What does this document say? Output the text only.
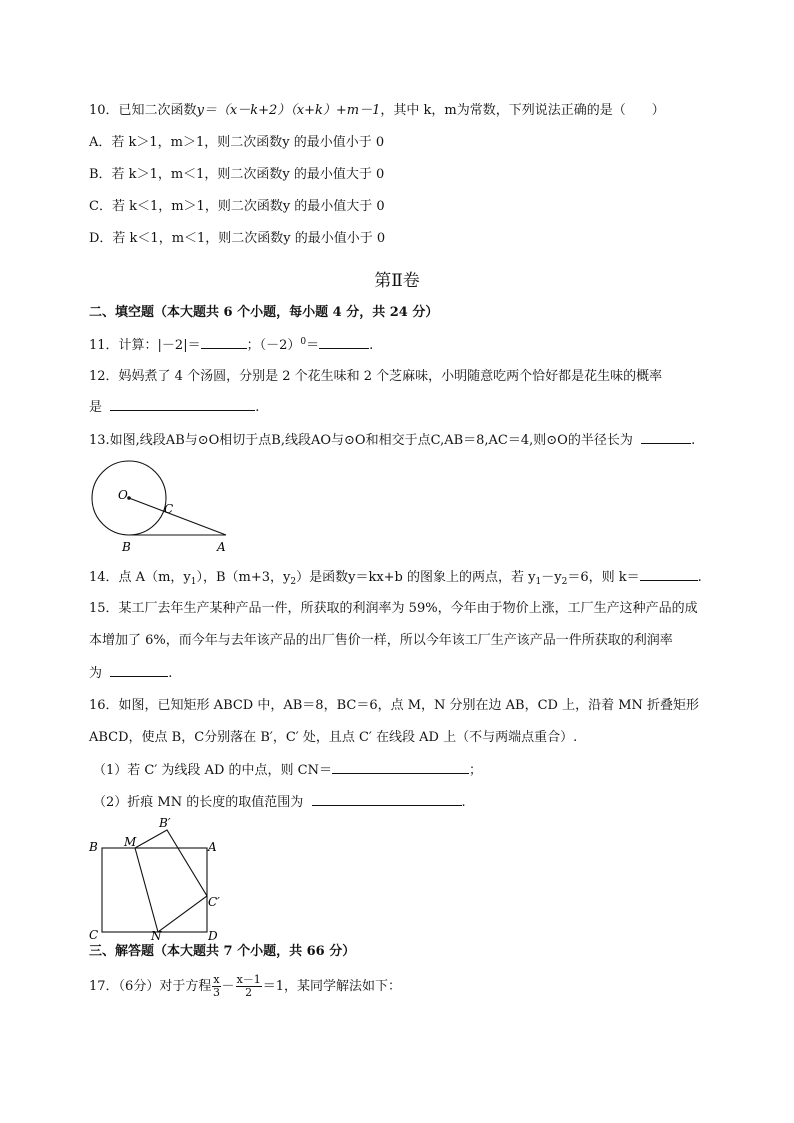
10．已知二次函数y＝（x－k+2）（x+k）+m－1，其中 k，m为常数，下列说法正确的是（　　）
A．若 k＞1，m＞1，则二次函数y 的最小值小于 0
B．若 k＞1，m＜1，则二次函数y 的最小值大于 0
C．若 k＜1，m＞1，则二次函数y 的最小值大于 0
D．若 k＜1，m＜1，则二次函数y 的最小值小于 0
第Ⅱ卷
二、填空题（本大题共 6 个小题，每小题 4 分，共 24 分）
11．计算：|－2|＝	；$(-2)^0=$	.
12．妈妈煮了 4 个汤圆，分别是 2 个花生味和 2 个芝麻味，小明随意吃两个恰好都是花生味的概率
是	.
13.如图,线段AB与⊙O相切于点B,线段AO与⊙O和相交于点C,AB＝8,AC＝4,则⊙O的半径长为	.
O
C
B	A
14．点 A（m，$y_1$），B（m+3，$y_2$）是函数y＝kx+b 的图象上的两点，若 $y_1-y_2=6$，则 k＝	.
15．某工厂去年生产某种产品一件，所获取的利润率为 59%，今年由于物价上涨，工厂生产这种产品的成
本增加了 6%，而今年与去年该产品的出厂售价一样，所以今年该工厂生产该产品一件所获取的利润率
为	.
16．如图，已知矩形 ABCD 中，AB＝8，BC＝6，点 M，N 分别在边 AB，CD 上，沿着 MN 折叠矩形
ABCD，使点 B，C分别落在 B′，C′ 处，且点 C′ 在线段 AD 上（不与两端点重合）.
（1）若 C′ 为线段 AD 的中点，则 CN＝	；
（2）折痕 MN 的长度的取值范围为	.
B M
B′
A
C′
C	N	D
三、解答题（本大题共 7 个小题，共 66 分）
17．（6分）对于方程 $\frac{x}{3} - \frac{x-1}{2} =1$，某同学解法如下：
